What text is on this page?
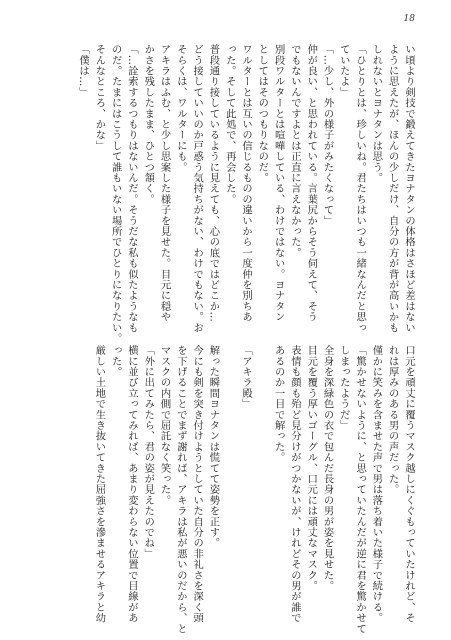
18
い頃より剣技で鍛えてきたヨナタンの体格はさほど差はない
ように思えたが、ほんの少しだけ、自分の方が背が高いかも
しれないとヨナタンは思う。
「ひとりとは、珍しいね。君たちはいつも一緒なんだと思っ
ていたよ」
「…少し、外の様子がみたくなって」
仲が良い、と思われている。言葉尻からそう伺えて、そう
でもないんですよとは正直に言えなかった。
別段ワルターとは喧嘩している、わけではない。ヨナタン
としてはそのつもりなのだ。
ワルターとは互いの信じるものの違いから一度仲を別ちあ
った。そして此処で、再会した。
普段通り接しているように見えても、心の底ではどこか…
どう接していいのか戸惑う気持ちがない、わけでもない。お
そらくは、ワルターにも。
アキラはふむ、と少し思案した様子を見せた。目元に穏や
かさを残したまま、ひとつ頷く。
「…詮索するつもりはないんだ。そうだな私も似たようなも
のだ。たまにはこうして誰もいない場所でひとりになりたい。
そんなところ、かな」
「僕は…」
口元を頑丈に覆うマスク越しにくぐもっていたけれど、そ
れは厚みのある男の声だった。
僅かに笑みを含ませた声で男は落ち着いた様子で続ける。
「驚かせないように、と思っていたんだが逆に君を驚かせて
しまったようだ」
全身を深緑色の衣で包んだ長身の男が姿を見せた。
目元を覆う厚いゴーグル、口元には頑丈なマスク。
表情も顔も殆ど見分けがつかないが、けれどその男が誰で
あるのか一目で解った。

「アキラ殿」

解った瞬間ヨナタンは慌てて姿勢を正す。
今にも剣を突き付けようとしていた自分の非礼さを深く頭
を下げることでまず謝れば、アキラは私が悪いのだから、と
マスクの内側で屈託なく笑った。
「外に出てみたら、君の姿が見えたのでね」
横に並び立ってみれば、あまり変わらない位置で目線があ
った。
厳しい土地で生き抜いてきた屈強さを滲ませるアキラと幼
